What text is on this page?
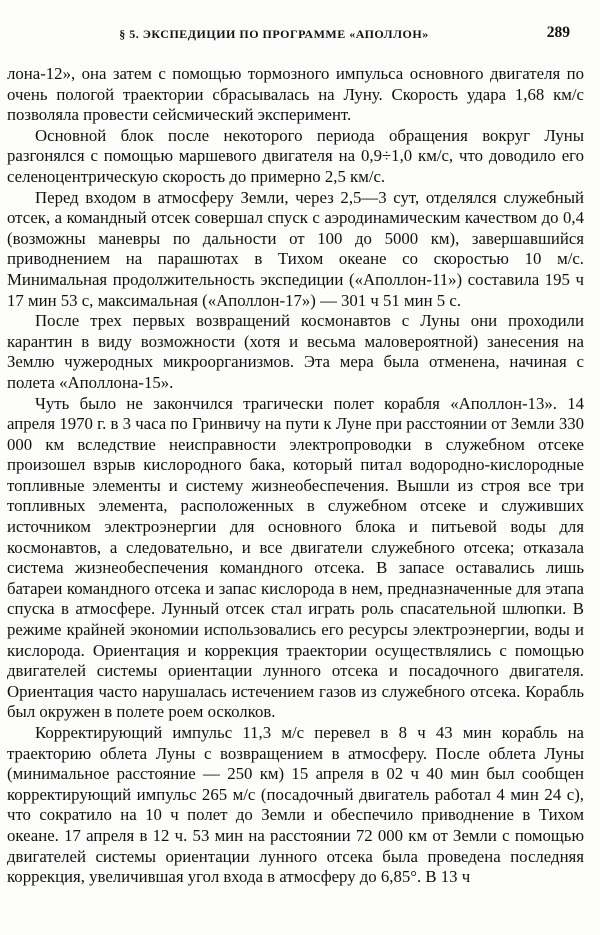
§ 5. ЭКСПЕДИЦИИ ПО ПРОГРАММЕ «АПОЛЛОН»	289

лона-12», она затем с помощью тормозного импульса основного двигателя по очень пологой траектории сбрасывалась на Луну. Скорость удара 1,68 км/с позволяла провести сейсмический эксперимент.

Основной блок после некоторого периода обращения вокруг Луны разгонялся с помощью маршевого двигателя на 0,9÷1,0 км/с, что доводило его селеноцентрическую скорость до примерно 2,5 км/с.

Перед входом в атмосферу Земли, через 2,5—3 сут, отделялся служебный отсек, а командный отсек совершал спуск с аэродинамическим качеством до 0,4 (возможны маневры по дальности от 100 до 5000 км), завершавшийся приводнением на парашютах в Тихом океане со скоростью 10 м/с. Минимальная продолжительность экспедиции («Аполлон-11») составила 195 ч 17 мин 53 с, максимальная («Аполлон-17») — 301 ч 51 мин 5 с.

После трех первых возвращений космонавтов с Луны они проходили карантин в виду возможности (хотя и весьма маловероятной) занесения на Землю чужеродных микроорганизмов. Эта мера была отменена, начиная с полета «Аполлона-15».

Чуть было не закончился трагически полет корабля «Аполлон-13». 14 апреля 1970 г. в 3 часа по Гринвичу на пути к Луне при расстоянии от Земли 330 000 км вследствие неисправности электропроводки в служебном отсеке произошел взрыв кислородного бака, который питал водородно-кислородные топливные элементы и систему жизнеобеспечения. Вышли из строя все три топливных элемента, расположенных в служебном отсеке и служивших источником электроэнергии для основного блока и питьевой воды для космонавтов, а следовательно, и все двигатели служебного отсека; отказала система жизнеобеспечения командного отсека. В запасе оставались лишь батареи командного отсека и запас кислорода в нем, предназначенные для этапа спуска в атмосфере. Лунный отсек стал играть роль спасательной шлюпки. В режиме крайней экономии использовались его ресурсы электроэнергии, воды и кислорода. Ориентация и коррекция траектории осуществлялись с помощью двигателей системы ориентации лунного отсека и посадочного двигателя. Ориентация часто нарушалась истечением газов из служебного отсека. Корабль был окружен в полете роем осколков.

Корректирующий импульс 11,3 м/с перевел в 8 ч 43 мин корабль на траекторию облета Луны с возвращением в атмосферу. После облета Луны (минимальное расстояние — 250 км) 15 апреля в 02 ч 40 мин был сообщен корректирующий импульс 265 м/с (посадочный двигатель работал 4 мин 24 с), что сократило на 10 ч полет до Земли и обеспечило приводнение в Тихом океане. 17 апреля в 12 ч. 53 мин на расстоянии 72 000 км от Земли с помощью двигателей системы ориентации лунного отсека была проведена последняя коррекция, увеличившая угол входа в атмосферу до 6,85°. В 13 ч
